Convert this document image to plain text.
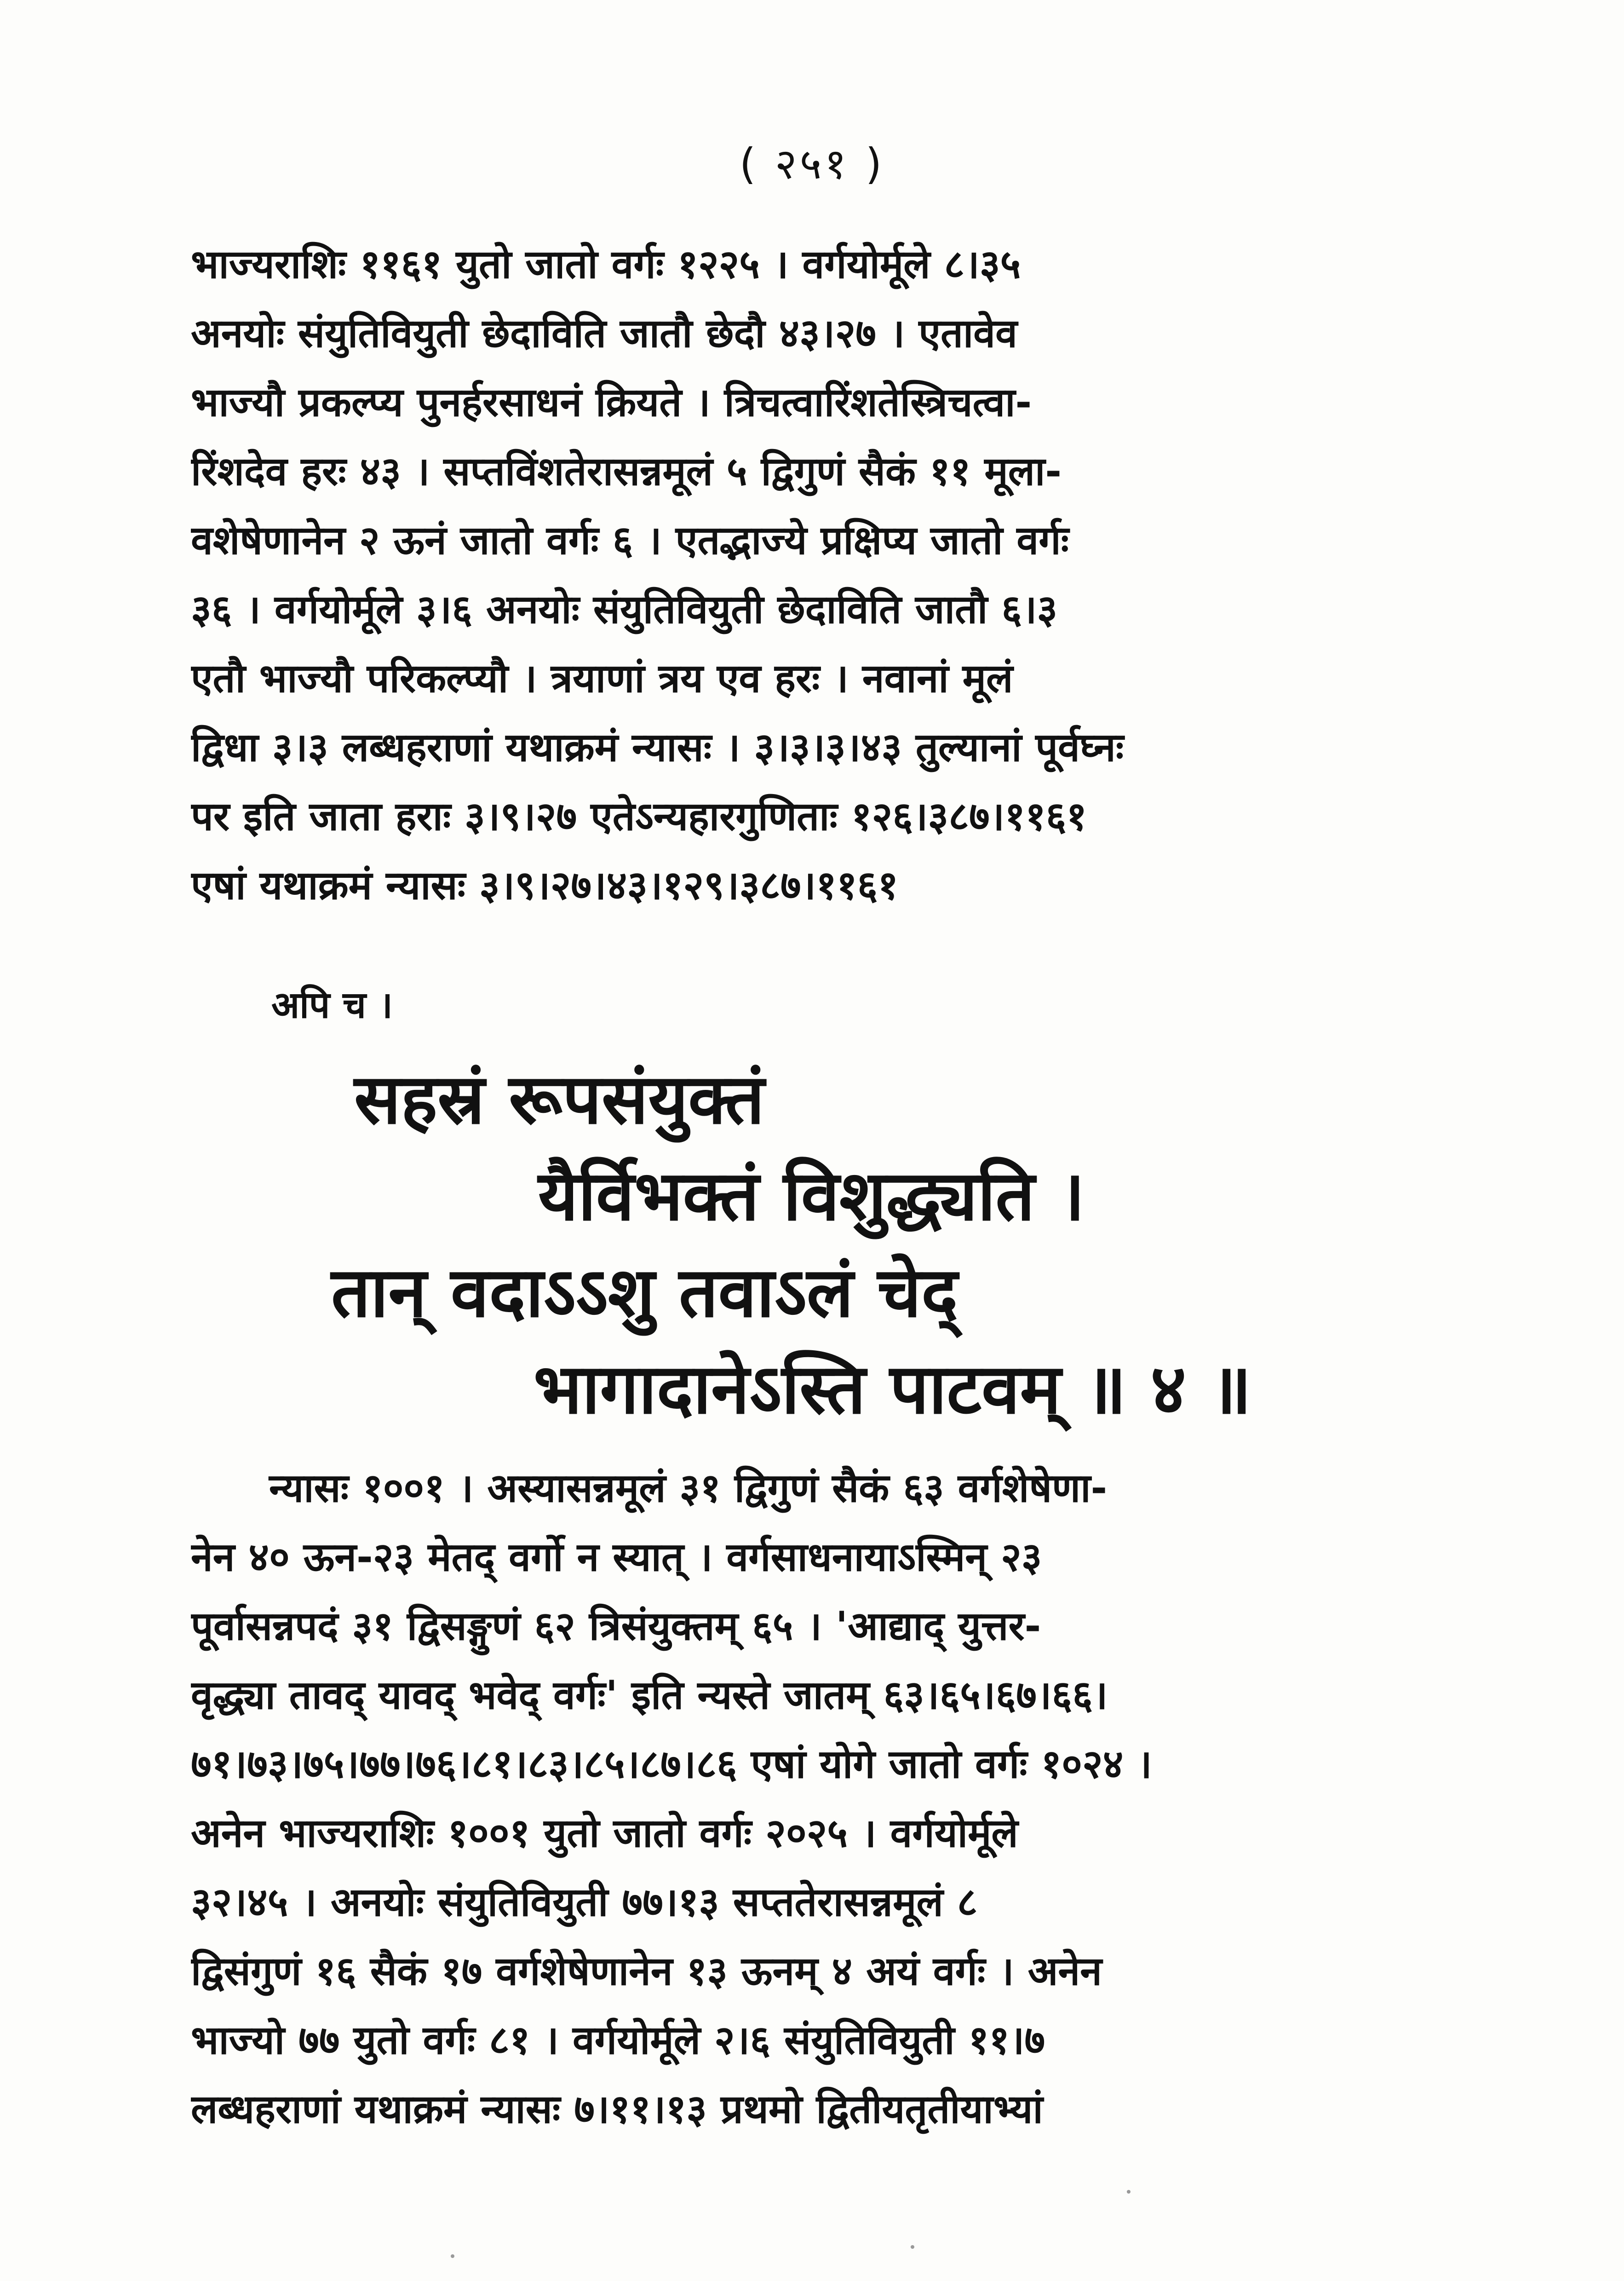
( २५१ )
भाज्यराशिः ११६१ युतो जातो वर्गः १२२५ । वर्गयोर्मूले ८।३५
अनयोः संयुतिवियुती छेदाविति जातौ छेदौ ४३।२७ । एतावेव
भाज्यौ प्रकल्प्य पुनर्हरसाधनं क्रियते । त्रिचत्वारिंशतेस्त्रिचत्वा-
रिंशदेव हरः ४३ । सप्तविंशतेरासन्नमूलं ५ द्विगुणं सैकं ११ मूला-
वशेषेणानेन २ ऊनं जातो वर्गः ६ । एतद्भाज्ये प्रक्षिप्य जातो वर्गः
३६ । वर्गयोर्मूले ३।६ अनयोः संयुतिवियुती छेदाविति जातौ ६।३
एतौ भाज्यौ परिकल्प्यौ । त्रयाणां त्रय एव हरः । नवानां मूलं
द्विधा ३।३ लब्धहराणां यथाक्रमं न्यासः । ३।३।३।४३ तुल्यानां पूर्वघ्नः
पर इति जाता हराः ३।९।२७ एतेऽन्यहारगुणिताः १२६।३८७।११६१
एषां यथाक्रमं न्यासः ३।९।२७।४३।१२९।३८७।११६१
अपि च ।
सहस्रं रूपसंयुक्तं
यैर्विभक्तं विशुद्ध्यति ।
तान् वदाऽऽशु तवाऽलं चेद्
भागादानेऽस्ति पाटवम् ॥ ४ ॥
न्यासः १००१ । अस्यासन्नमूलं ३१ द्विगुणं सैकं ६३ वर्गशेषेणा-
नेन ४० ऊन-२३ मेतद् वर्गो न स्यात् । वर्गसाधनायाऽस्मिन् २३
पूर्वासन्नपदं ३१ द्विसङ्गुणं ६२ त्रिसंयुक्तम् ६५ । 'आद्याद् युत्तर-
वृद्ध्या तावद् यावद् भवेद् वर्गः' इति न्यस्ते जातम् ६३।६५।६७।६६।
७१।७३।७५।७७।७६।८१।८३।८५।८७।८६ एषां योगे जातो वर्गः १०२४ ।
अनेन भाज्यराशिः १००१ युतो जातो वर्गः २०२५ । वर्गयोर्मूले
३२।४५ । अनयोः संयुतिवियुती ७७।१३ सप्ततेरासन्नमूलं ८
द्विसंगुणं १६ सैकं १७ वर्गशेषेणानेन १३ ऊनम् ४ अयं वर्गः । अनेन
भाज्यो ७७ युतो वर्गः ८१ । वर्गयोर्मूले २।६ संयुतिवियुती ११।७
लब्धहराणां यथाक्रमं न्यासः ७।११।१३ प्रथमो द्वितीयतृतीयाभ्यां
